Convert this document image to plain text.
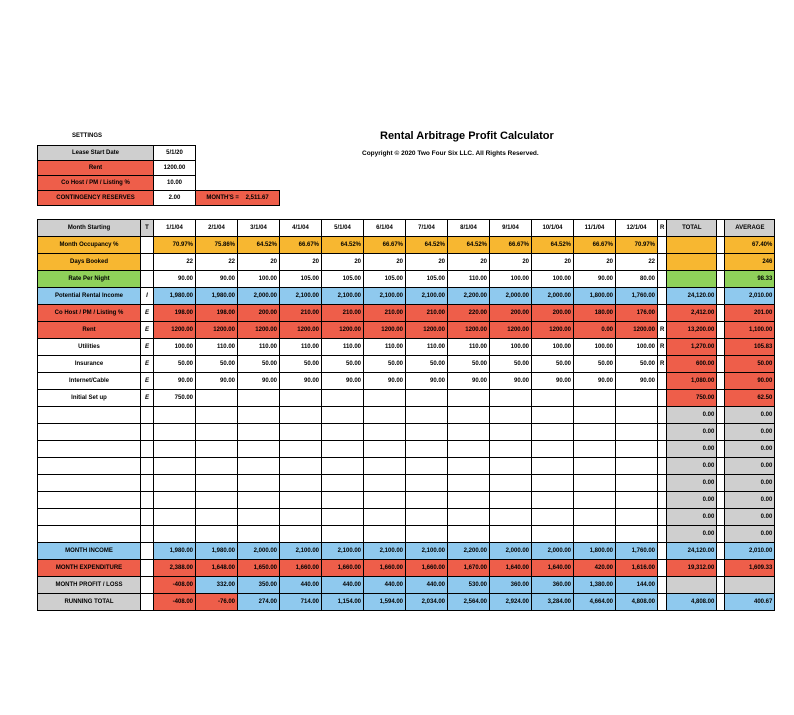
Rental Arbitrage Profit Calculator
Copyright © 2020 Two Four Six LLC. All Rights Reserved.
SETTINGS
Lease Start Date	5/1/20	
Rent	1200.00	
Co Host / PM / Listing %	10.00	
CONTINGENCY RESERVES	2.00	MONTH'S = 2,511.67
Month Starting	T	1/1/04	2/1/04	3/1/04	4/1/04	5/1/04	6/1/04	7/1/04	8/1/04	9/1/04	10/1/04	11/1/04	12/1/04	R	TOTAL		AVERAGE
Month Occupancy %		70.97%	75.86%	64.52%	66.67%	64.52%	66.67%	64.52%	64.52%	66.67%	64.52%	66.67%	70.97%				67.40%
Days Booked		22	22	20	20	20	20	20	20	20	20	20	22				246
Rate Per Night		90.00	90.00	100.00	105.00	105.00	105.00	105.00	110.00	100.00	100.00	90.00	80.00				98.33
Potential Rental Income	I	1,980.00	1,980.00	2,000.00	2,100.00	2,100.00	2,100.00	2,100.00	2,200.00	2,000.00	2,000.00	1,800.00	1,760.00		24,120.00		2,010.00
Co Host / PM / Listing %	E	198.00	198.00	200.00	210.00	210.00	210.00	210.00	220.00	200.00	200.00	180.00	176.00		2,412.00		201.00
Rent	E	1200.00	1200.00	1200.00	1200.00	1200.00	1200.00	1200.00	1200.00	1200.00	1200.00	0.00	1200.00	R	13,200.00		1,100.00
Utilities	E	100.00	110.00	110.00	110.00	110.00	110.00	110.00	110.00	100.00	100.00	100.00	100.00	R	1,270.00		105.83
Insurance	E	50.00	50.00	50.00	50.00	50.00	50.00	50.00	50.00	50.00	50.00	50.00	50.00	R	600.00		50.00
Internet/Cable	E	90.00	90.00	90.00	90.00	90.00	90.00	90.00	90.00	90.00	90.00	90.00	90.00		1,080.00		90.00
Initial Set up	E	750.00													750.00		62.50
															0.00		0.00
															0.00		0.00
															0.00		0.00
															0.00		0.00
															0.00		0.00
															0.00		0.00
															0.00		0.00
															0.00		0.00
MONTH INCOME		1,980.00	1,980.00	2,000.00	2,100.00	2,100.00	2,100.00	2,100.00	2,200.00	2,000.00	2,000.00	1,800.00	1,760.00		24,120.00		2,010.00
MONTH EXPENDITURE		2,388.00	1,648.00	1,650.00	1,660.00	1,660.00	1,660.00	1,660.00	1,670.00	1,640.00	1,640.00	420.00	1,616.00		19,312.00		1,609.33
MONTH PROFIT / LOSS		-408.00	332.00	350.00	440.00	440.00	440.00	440.00	530.00	360.00	360.00	1,380.00	144.00				
RUNNING TOTAL		-408.00	-76.00	274.00	714.00	1,154.00	1,594.00	2,034.00	2,564.00	2,924.00	3,284.00	4,664.00	4,808.00		4,808.00		400.67
